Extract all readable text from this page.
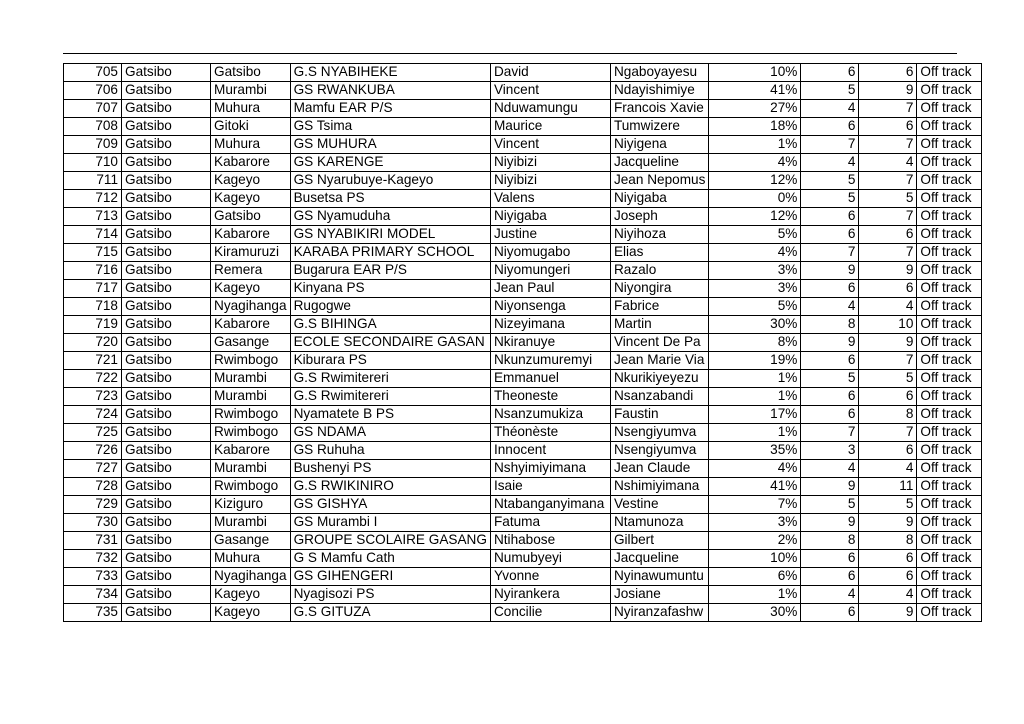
705	Gatsibo	Gatsibo	G.S NYABIHEKE	David	Ngaboyayesu	10%	6	6	Off track
706	Gatsibo	Murambi	GS RWANKUBA	Vincent	Ndayishimiye	41%	5	9	Off track
707	Gatsibo	Muhura	Mamfu EAR P/S	Nduwamungu	Francois Xavie	27%	4	7	Off track
708	Gatsibo	Gitoki	GS Tsima	Maurice	Tumwizere	18%	6	6	Off track
709	Gatsibo	Muhura	GS MUHURA	Vincent	Niyigena	1%	7	7	Off track
710	Gatsibo	Kabarore	GS KARENGE	Niyibizi	Jacqueline	4%	4	4	Off track
711	Gatsibo	Kageyo	GS Nyarubuye-Kageyo	Niyibizi	Jean Nepomus	12%	5	7	Off track
712	Gatsibo	Kageyo	Busetsa PS	Valens	Niyigaba	0%	5	5	Off track
713	Gatsibo	Gatsibo	GS Nyamuduha	Niyigaba	Joseph	12%	6	7	Off track
714	Gatsibo	Kabarore	GS NYABIKIRI MODEL	Justine	Niyihoza	5%	6	6	Off track
715	Gatsibo	Kiramuruzi	KARABA PRIMARY SCHOOL	Niyomugabo	Elias	4%	7	7	Off track
716	Gatsibo	Remera	Bugarura EAR P/S	Niyomungeri	Razalo	3%	9	9	Off track
717	Gatsibo	Kageyo	Kinyana PS	Jean Paul	Niyongira	3%	6	6	Off track
718	Gatsibo	Nyagihanga	Rugogwe	Niyonsenga	Fabrice	5%	4	4	Off track
719	Gatsibo	Kabarore	G.S BIHINGA	Nizeyimana	Martin	30%	8	10	Off track
720	Gatsibo	Gasange	ECOLE SECONDAIRE GASAN	Nkiranuye	Vincent De Pa	8%	9	9	Off track
721	Gatsibo	Rwimbogo	Kiburara PS	Nkunzumuremyi	Jean Marie Via	19%	6	7	Off track
722	Gatsibo	Murambi	G.S Rwimitereri	Emmanuel	Nkurikiyeyezu	1%	5	5	Off track
723	Gatsibo	Murambi	G.S Rwimitereri	Theoneste	Nsanzabandi	1%	6	6	Off track
724	Gatsibo	Rwimbogo	Nyamatete B PS	Nsanzumukiza	Faustin	17%	6	8	Off track
725	Gatsibo	Rwimbogo	GS NDAMA	Théonèste	Nsengiyumva	1%	7	7	Off track
726	Gatsibo	Kabarore	GS Ruhuha	Innocent	Nsengiyumva	35%	3	6	Off track
727	Gatsibo	Murambi	Bushenyi PS	Nshyimiyimana	Jean Claude	4%	4	4	Off track
728	Gatsibo	Rwimbogo	G.S RWIKINIRO	Isaie	Nshimiyimana	41%	9	11	Off track
729	Gatsibo	Kiziguro	GS GISHYA	Ntabanganyimana	Vestine	7%	5	5	Off track
730	Gatsibo	Murambi	GS Murambi I	Fatuma	Ntamunoza	3%	9	9	Off track
731	Gatsibo	Gasange	GROUPE SCOLAIRE GASANG	Ntihabose	Gilbert	2%	8	8	Off track
732	Gatsibo	Muhura	G S Mamfu Cath	Numubyeyi	Jacqueline	10%	6	6	Off track
733	Gatsibo	Nyagihanga	GS GIHENGERI	Yvonne	Nyinawumuntu	6%	6	6	Off track
734	Gatsibo	Kageyo	Nyagisozi PS	Nyirankera	Josiane	1%	4	4	Off track
735	Gatsibo	Kageyo	G.S GITUZA	Concilie	Nyiranzafashw	30%	6	9	Off track
